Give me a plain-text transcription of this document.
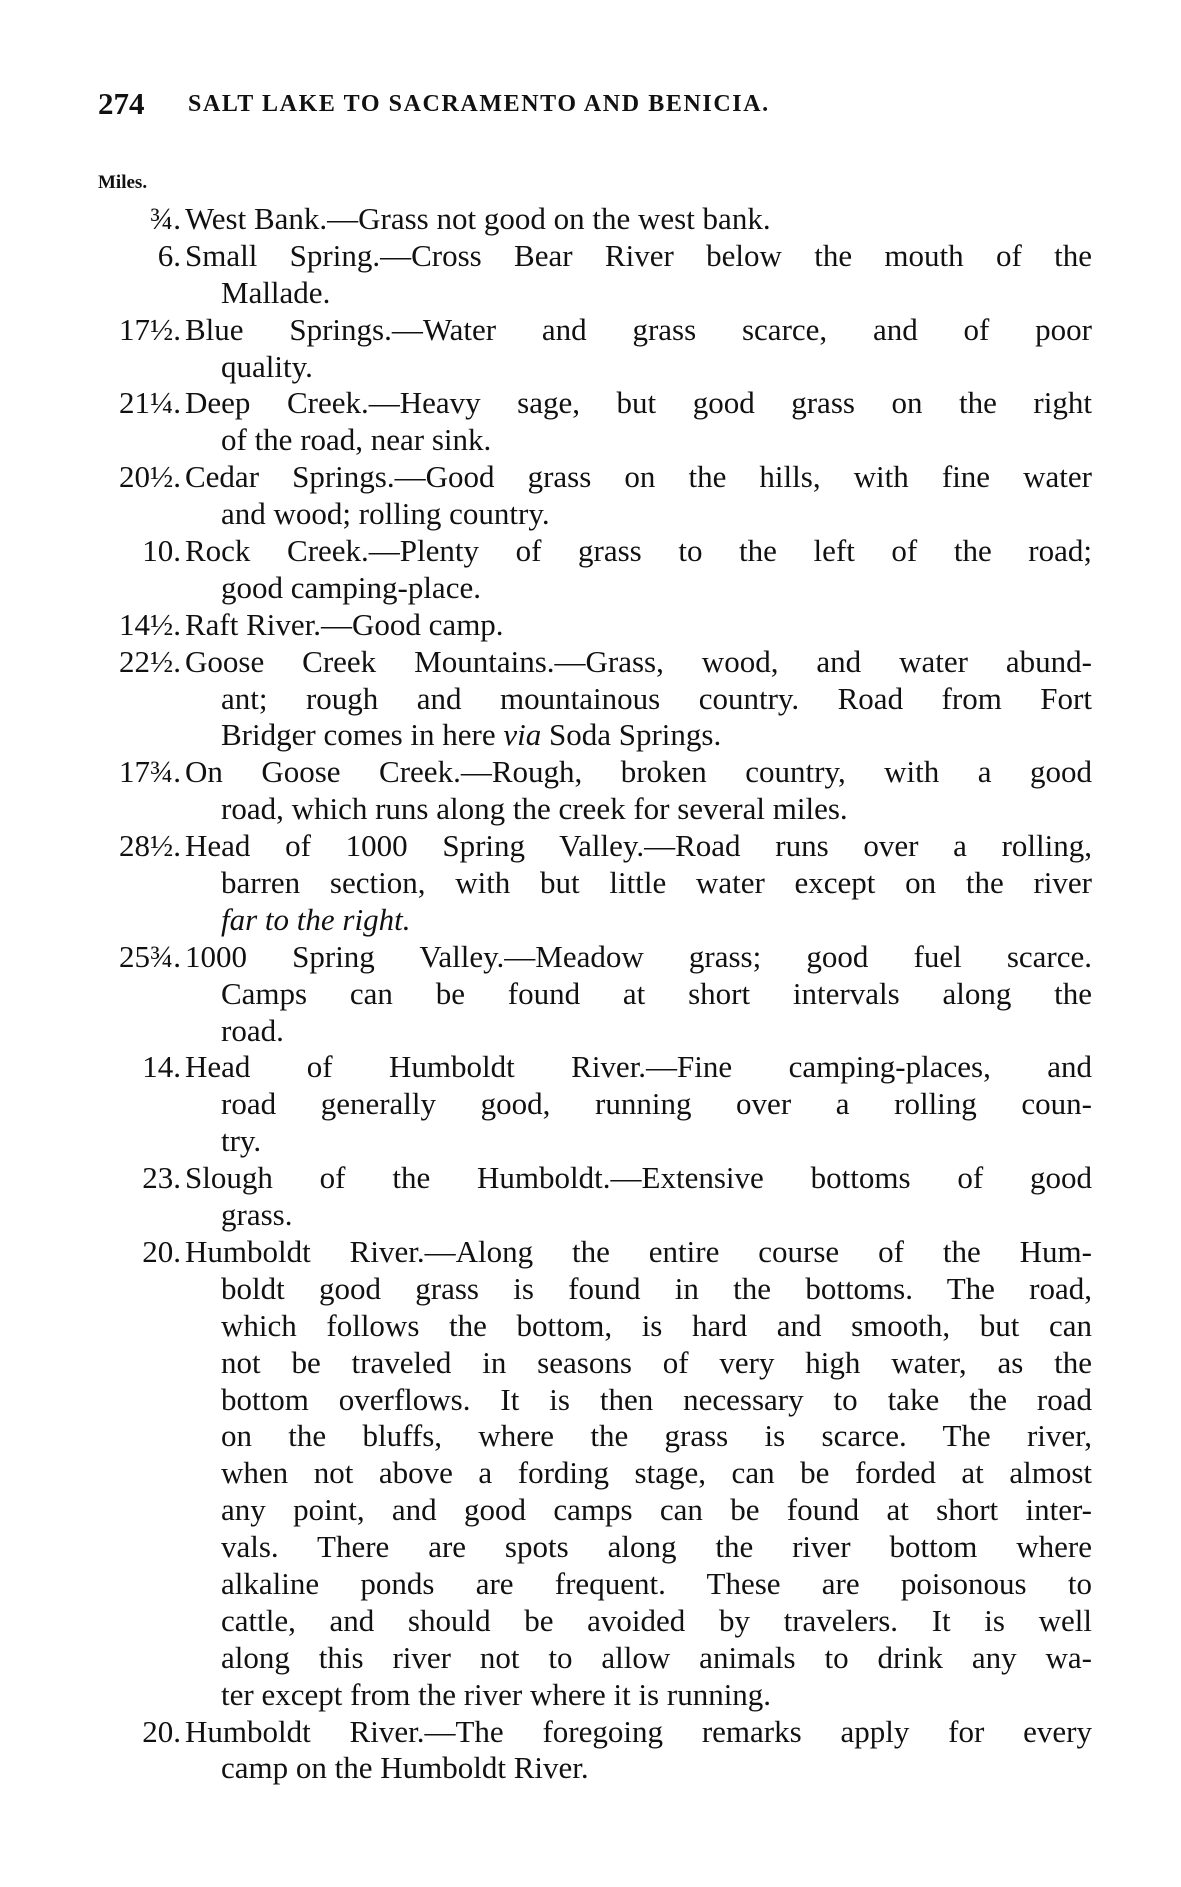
274 SALT LAKE TO SACRAMENTO AND BENICIA.
Miles.
¾. West Bank.—Grass not good on the west bank.
6. Small Spring.—Cross Bear River below the mouth of the
Mallade.
17½. Blue Springs.—Water and grass scarce, and of poor
quality.
21¼. Deep Creek.—Heavy sage, but good grass on the right
of the road, near sink.
20½. Cedar Springs.—Good grass on the hills, with fine water
and wood; rolling country.
10. Rock Creek.—Plenty of grass to the left of the road;
good camping-place.
14½. Raft River.—Good camp.
22½. Goose Creek Mountains.—Grass, wood, and water abund-
ant; rough and mountainous country. Road from Fort
Bridger comes in here via Soda Springs.
17¾. On Goose Creek.—Rough, broken country, with a good
road, which runs along the creek for several miles.
28½. Head of 1000 Spring Valley.—Road runs over a rolling,
barren section, with but little water except on the river
far to the right.
25¾. 1000 Spring Valley.—Meadow grass; good fuel scarce.
Camps can be found at short intervals along the
road.
14. Head of Humboldt River.—Fine camping-places, and
road generally good, running over a rolling coun-
try.
23. Slough of the Humboldt.—Extensive bottoms of good
grass.
20. Humboldt River.—Along the entire course of the Hum-
boldt good grass is found in the bottoms. The road,
which follows the bottom, is hard and smooth, but can
not be traveled in seasons of very high water, as the
bottom overflows. It is then necessary to take the road
on the bluffs, where the grass is scarce. The river,
when not above a fording stage, can be forded at almost
any point, and good camps can be found at short inter-
vals. There are spots along the river bottom where
alkaline ponds are frequent. These are poisonous to
cattle, and should be avoided by travelers. It is well
along this river not to allow animals to drink any wa-
ter except from the river where it is running.
20. Humboldt River.—The foregoing remarks apply for every
camp on the Humboldt River.
